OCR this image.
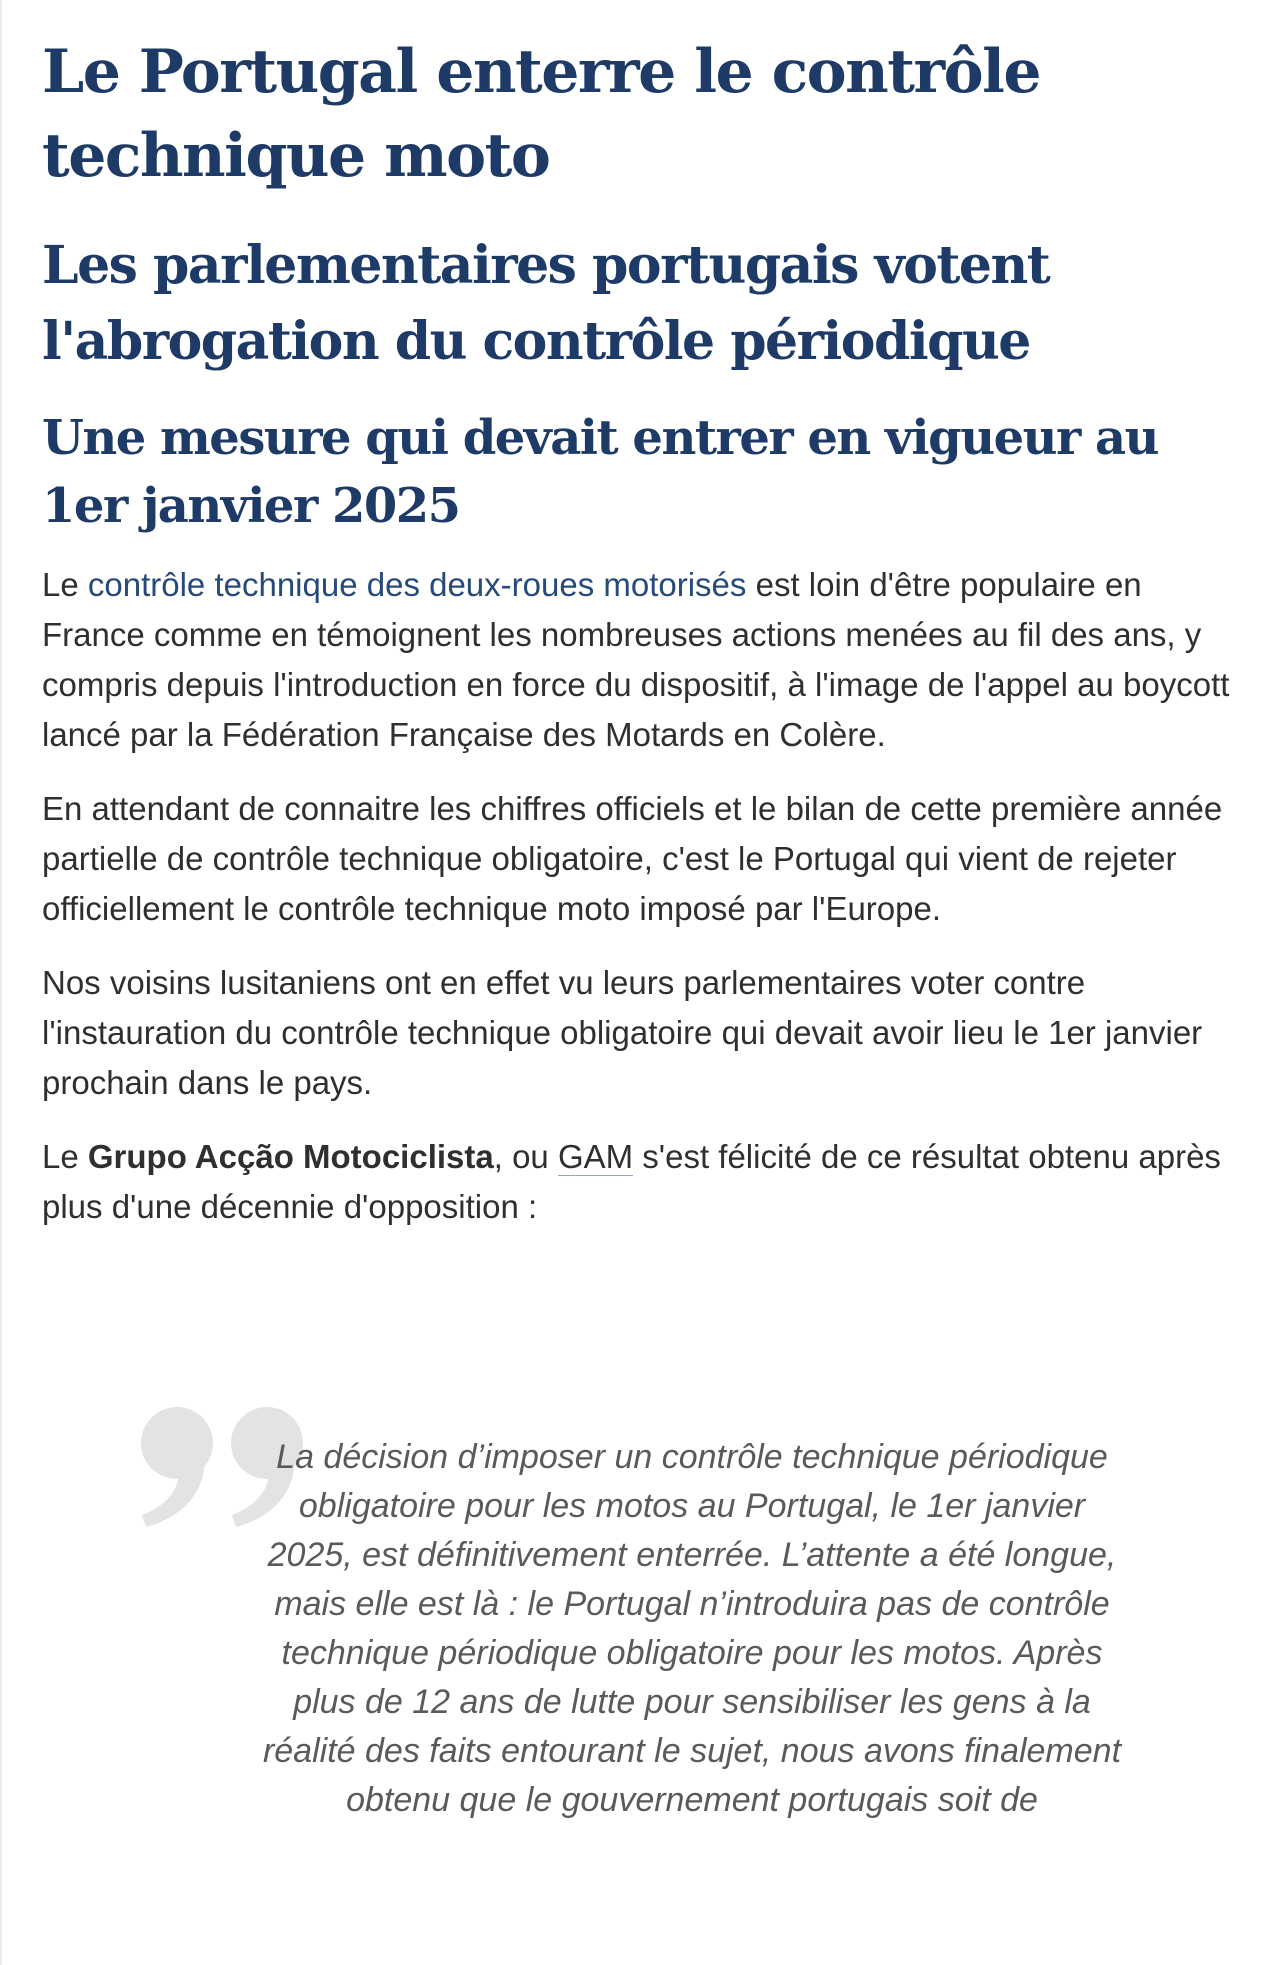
Le Portugal enterre le contrôle technique moto
Les parlementaires portugais votent l'abrogation du contrôle périodique
Une mesure qui devait entrer en vigueur au 1er janvier 2025

Le contrôle technique des deux-roues motorisés est loin d'être populaire en France comme en témoignent les nombreuses actions menées au fil des ans, y compris depuis l'introduction en force du dispositif, à l'image de l'appel au boycott lancé par la Fédération Française des Motards en Colère.

En attendant de connaitre les chiffres officiels et le bilan de cette première année partielle de contrôle technique obligatoire, c'est le Portugal qui vient de rejeter officiellement le contrôle technique moto imposé par l'Europe.

Nos voisins lusitaniens ont en effet vu leurs parlementaires voter contre l'instauration du contrôle technique obligatoire qui devait avoir lieu le 1er janvier prochain dans le pays.

Le Grupo Acção Motociclista, ou GAM s'est félicité de ce résultat obtenu après plus d'une décennie d'opposition :

La décision d’imposer un contrôle technique périodique obligatoire pour les motos au Portugal, le 1er janvier 2025, est définitivement enterrée. L’attente a été longue, mais elle est là : le Portugal n’introduira pas de contrôle technique périodique obligatoire pour les motos. Après plus de 12 ans de lutte pour sensibiliser les gens à la réalité des faits entourant le sujet, nous avons finalement obtenu que le gouvernement portugais soit de
